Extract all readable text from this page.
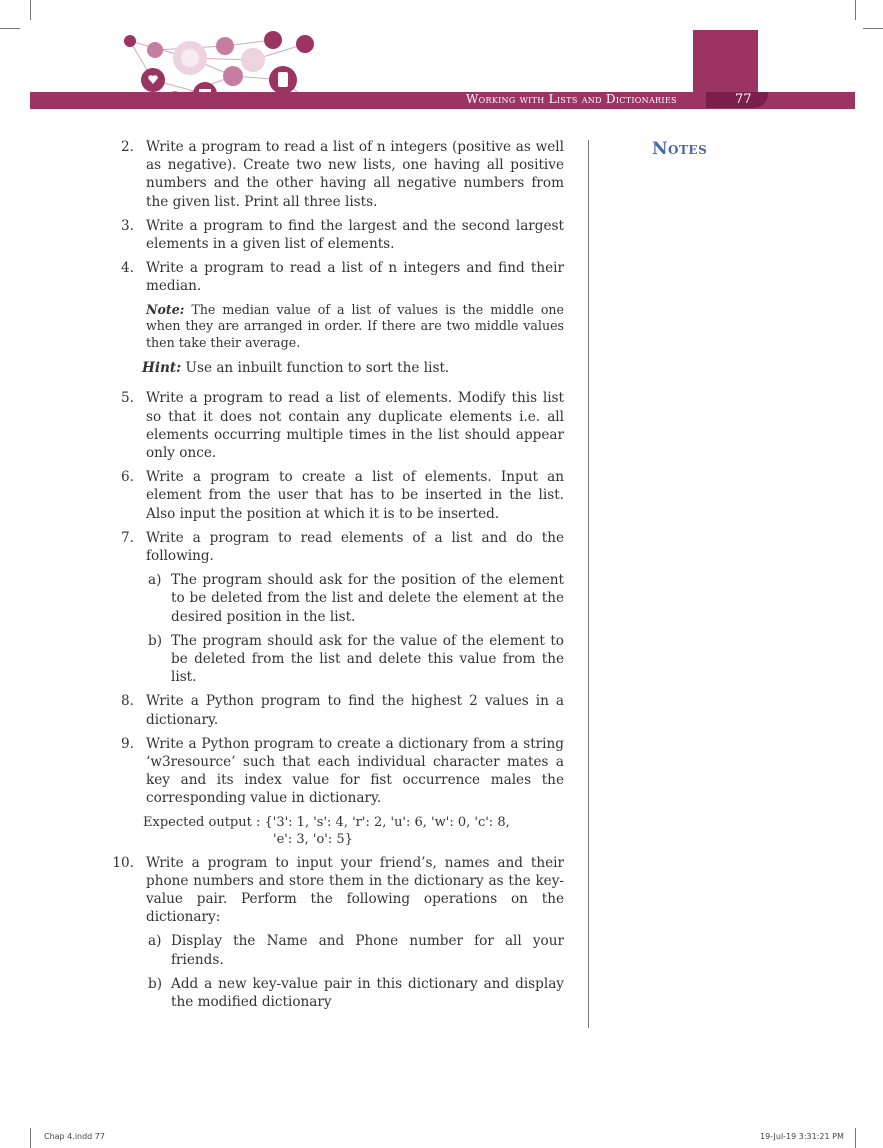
Working with Lists and Dictionaries	77
Notes
2. Write a program to read a list of n integers (positive as well as negative). Create two new lists, one having all positive numbers and the other having all negative numbers from the given list. Print all three lists.
3. Write a program to find the largest and the second largest elements in a given list of elements.
4. Write a program to read a list of n integers and find their median.
Note: The median value of a list of values is the middle one when they are arranged in order. If there are two middle values then take their average.
Hint: Use an inbuilt function to sort the list.
5. Write a program to read a list of elements. Modify this list so that it does not contain any duplicate elements i.e. all elements occurring multiple times in the list should appear only once.
6. Write a program to create a list of elements. Input an element from the user that has to be inserted in the list. Also input the position at which it is to be inserted.
7. Write a program to read elements of a list and do the following.
a) The program should ask for the position of the element to be deleted from the list and delete the element at the desired position in the list.
b) The program should ask for the value of the element to be deleted from the list and delete this value from the list.
8. Write a Python program to find the highest 2 values in a dictionary.
9. Write a Python program to create a dictionary from a string ‘w3resource’ such that each individual character mates a key and its index value for fist occurrence males the corresponding value in dictionary.
Expected output : {'3': 1, 's': 4, 'r': 2, 'u': 6, 'w': 0, 'c': 8,
'e': 3, 'o': 5}
10. Write a program to input your friend’s, names and their phone numbers and store them in the dictionary as the key-value pair. Perform the following operations on the dictionary:
a) Display the Name and Phone number for all your friends.
b) Add a new key-value pair in this dictionary and display the modified dictionary
Chap 4.indd 77	19-Jul-19 3:31:21 PM
